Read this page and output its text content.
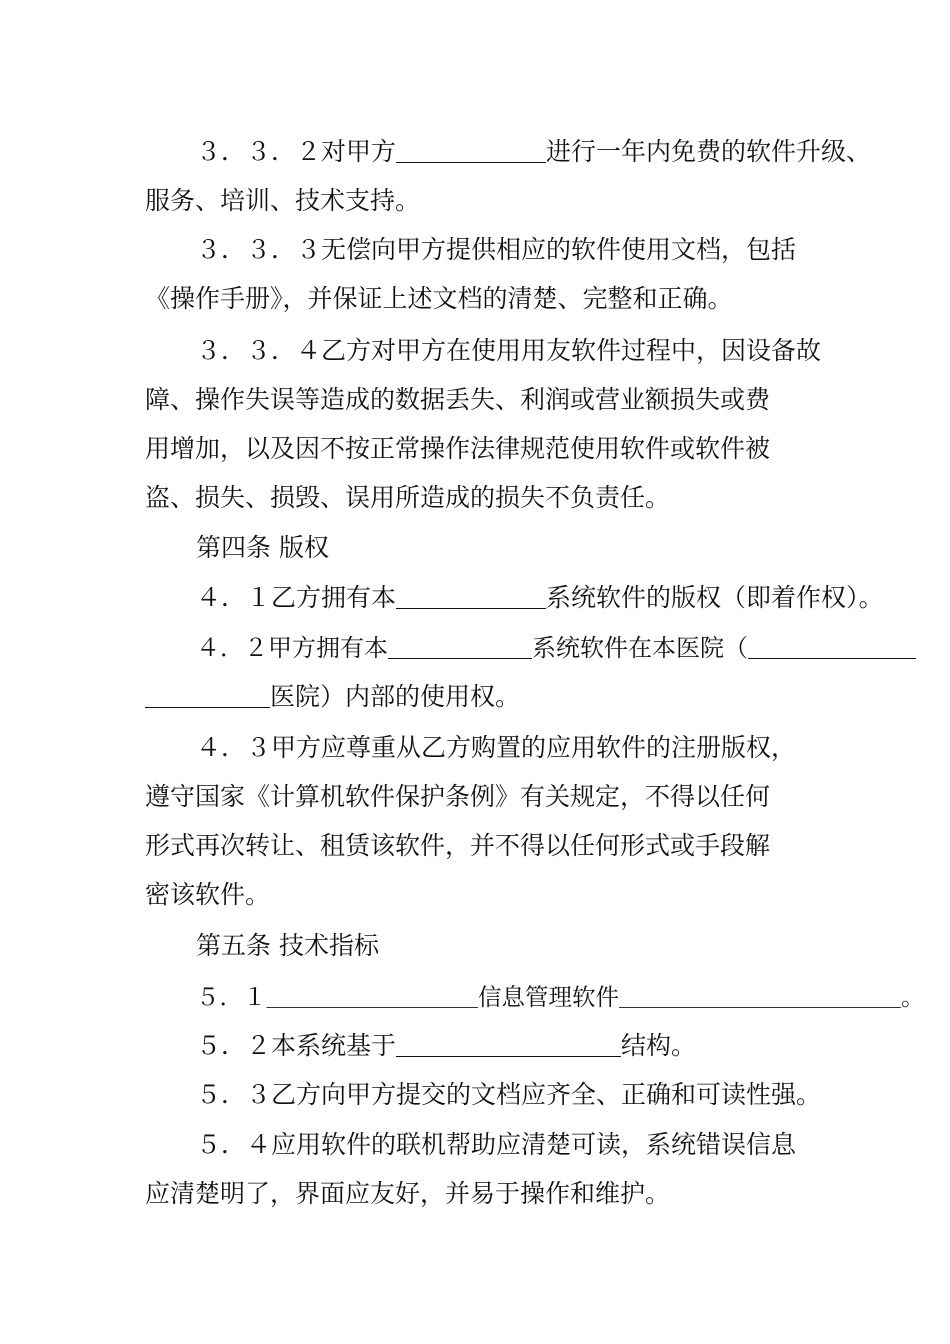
３．３．２对甲方＿＿＿＿＿＿进行一年内免费的软件升级、
服务、培训、技术支持。
３．３．３无偿向甲方提供相应的软件使用文档，包括
《操作手册》，并保证上述文档的清楚、完整和正确。
３．３．４乙方对甲方在使用用友软件过程中，因设备故
障、操作失误等造成的数据丢失、利润或营业额损失或费
用增加，以及因不按正常操作法律规范使用软件或软件被
盗、损失、损毁、误用所造成的损失不负责任。
第四条 版权
４．１乙方拥有本＿＿＿＿＿＿系统软件的版权（即着作权）。
４．２甲方拥有本＿＿＿＿＿＿系统软件在本医院（＿＿＿＿＿＿＿
＿＿＿＿＿医院）内部的使用权。
４．３甲方应尊重从乙方购置的应用软件的注册版权，
遵守国家《计算机软件保护条例》有关规定，不得以任何
形式再次转让、租赁该软件，并不得以任何形式或手段解
密该软件。
第五条 技术指标
５．１＿＿＿＿＿＿＿＿＿信息管理软件＿＿＿＿＿＿＿＿＿＿＿＿。
５．２本系统基于＿＿＿＿＿＿＿＿＿结构。
５．３乙方向甲方提交的文档应齐全、正确和可读性强。
５．４应用软件的联机帮助应清楚可读，系统错误信息
应清楚明了，界面应友好，并易于操作和维护。
